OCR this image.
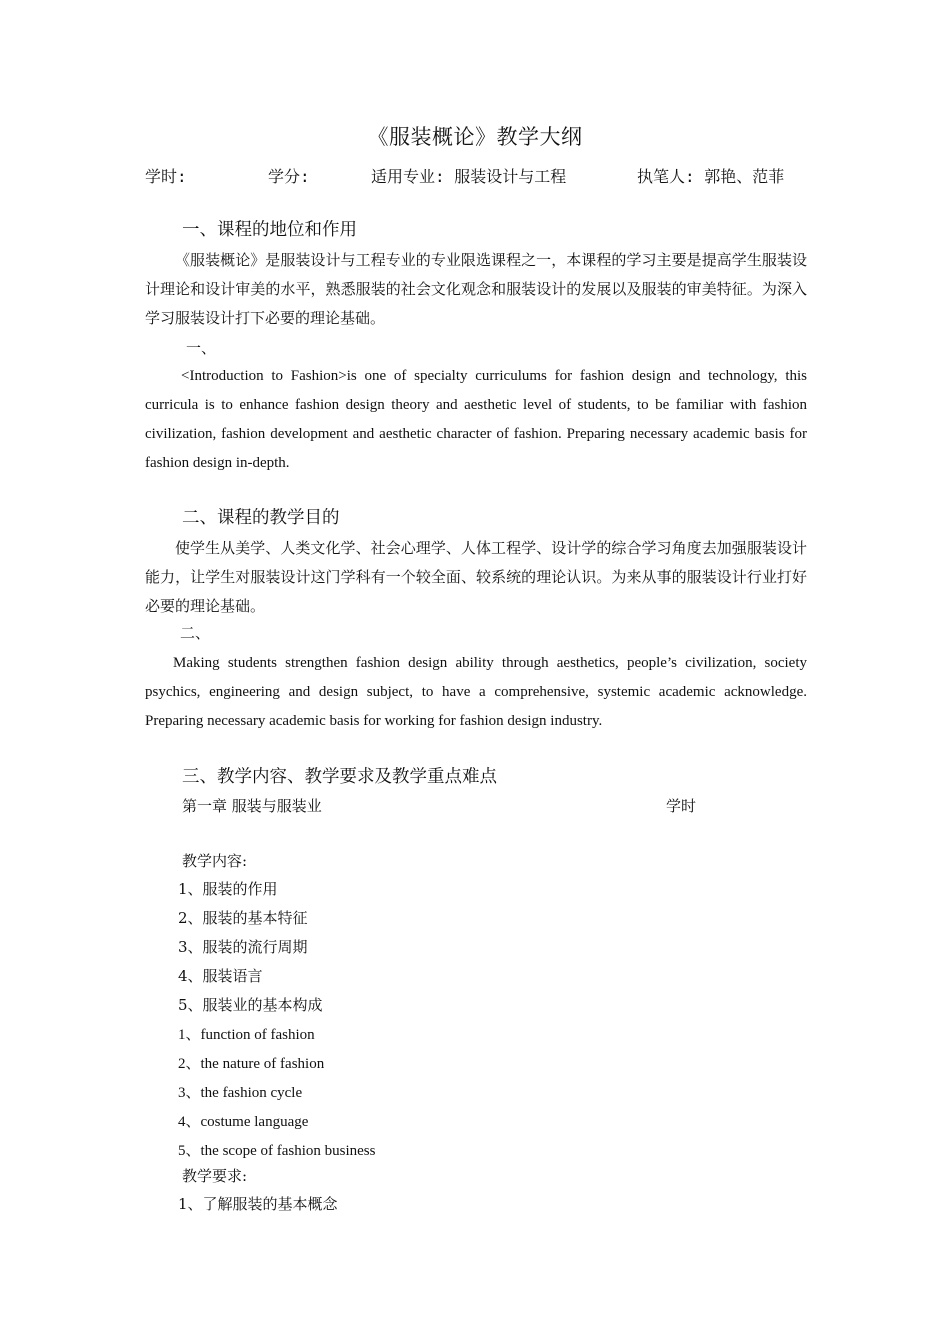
《服装概论》教学大纲
学时:	学分:	适用专业: 服装设计与工程	执笔人: 郭艳、范菲
一、课程的地位和作用
《服装概论》是服装设计与工程专业的专业限选课程之一，本课程的学习主要是提高学生服装设计理论和设计审美的水平，熟悉服装的社会文化观念和服装设计的发展以及服装的审美特征。为深入学习服装设计打下必要的理论基础。
一、
<Introduction to Fashion>is one of specialty curriculums for fashion design and technology, this curricula is to enhance fashion design theory and aesthetic level of students, to be familiar with fashion civilization, fashion development and aesthetic character of fashion. Preparing necessary academic basis for fashion design in-depth.
二、课程的教学目的
使学生从美学、人类文化学、社会心理学、人体工程学、设计学的综合学习角度去加强服装设计能力，让学生对服装设计这门学科有一个较全面、较系统的理论认识。为来从事的服装设计行业打好必要的理论基础。
二、
Making students strengthen fashion design ability through aesthetics, people’s civilization, society psychics, engineering and design subject, to have a comprehensive, systemic academic acknowledge. Preparing necessary academic basis for working for fashion design industry.
三、教学内容、教学要求及教学重点难点
第一章 服装与服装业	学时
教学内容:
1、服装的作用
2、服装的基本特征
3、服装的流行周期
4、服装语言
5、服装业的基本构成
1、function of fashion
2、the nature of fashion
3、the fashion cycle
4、costume language
5、the scope of fashion business
教学要求:
1、了解服装的基本概念
